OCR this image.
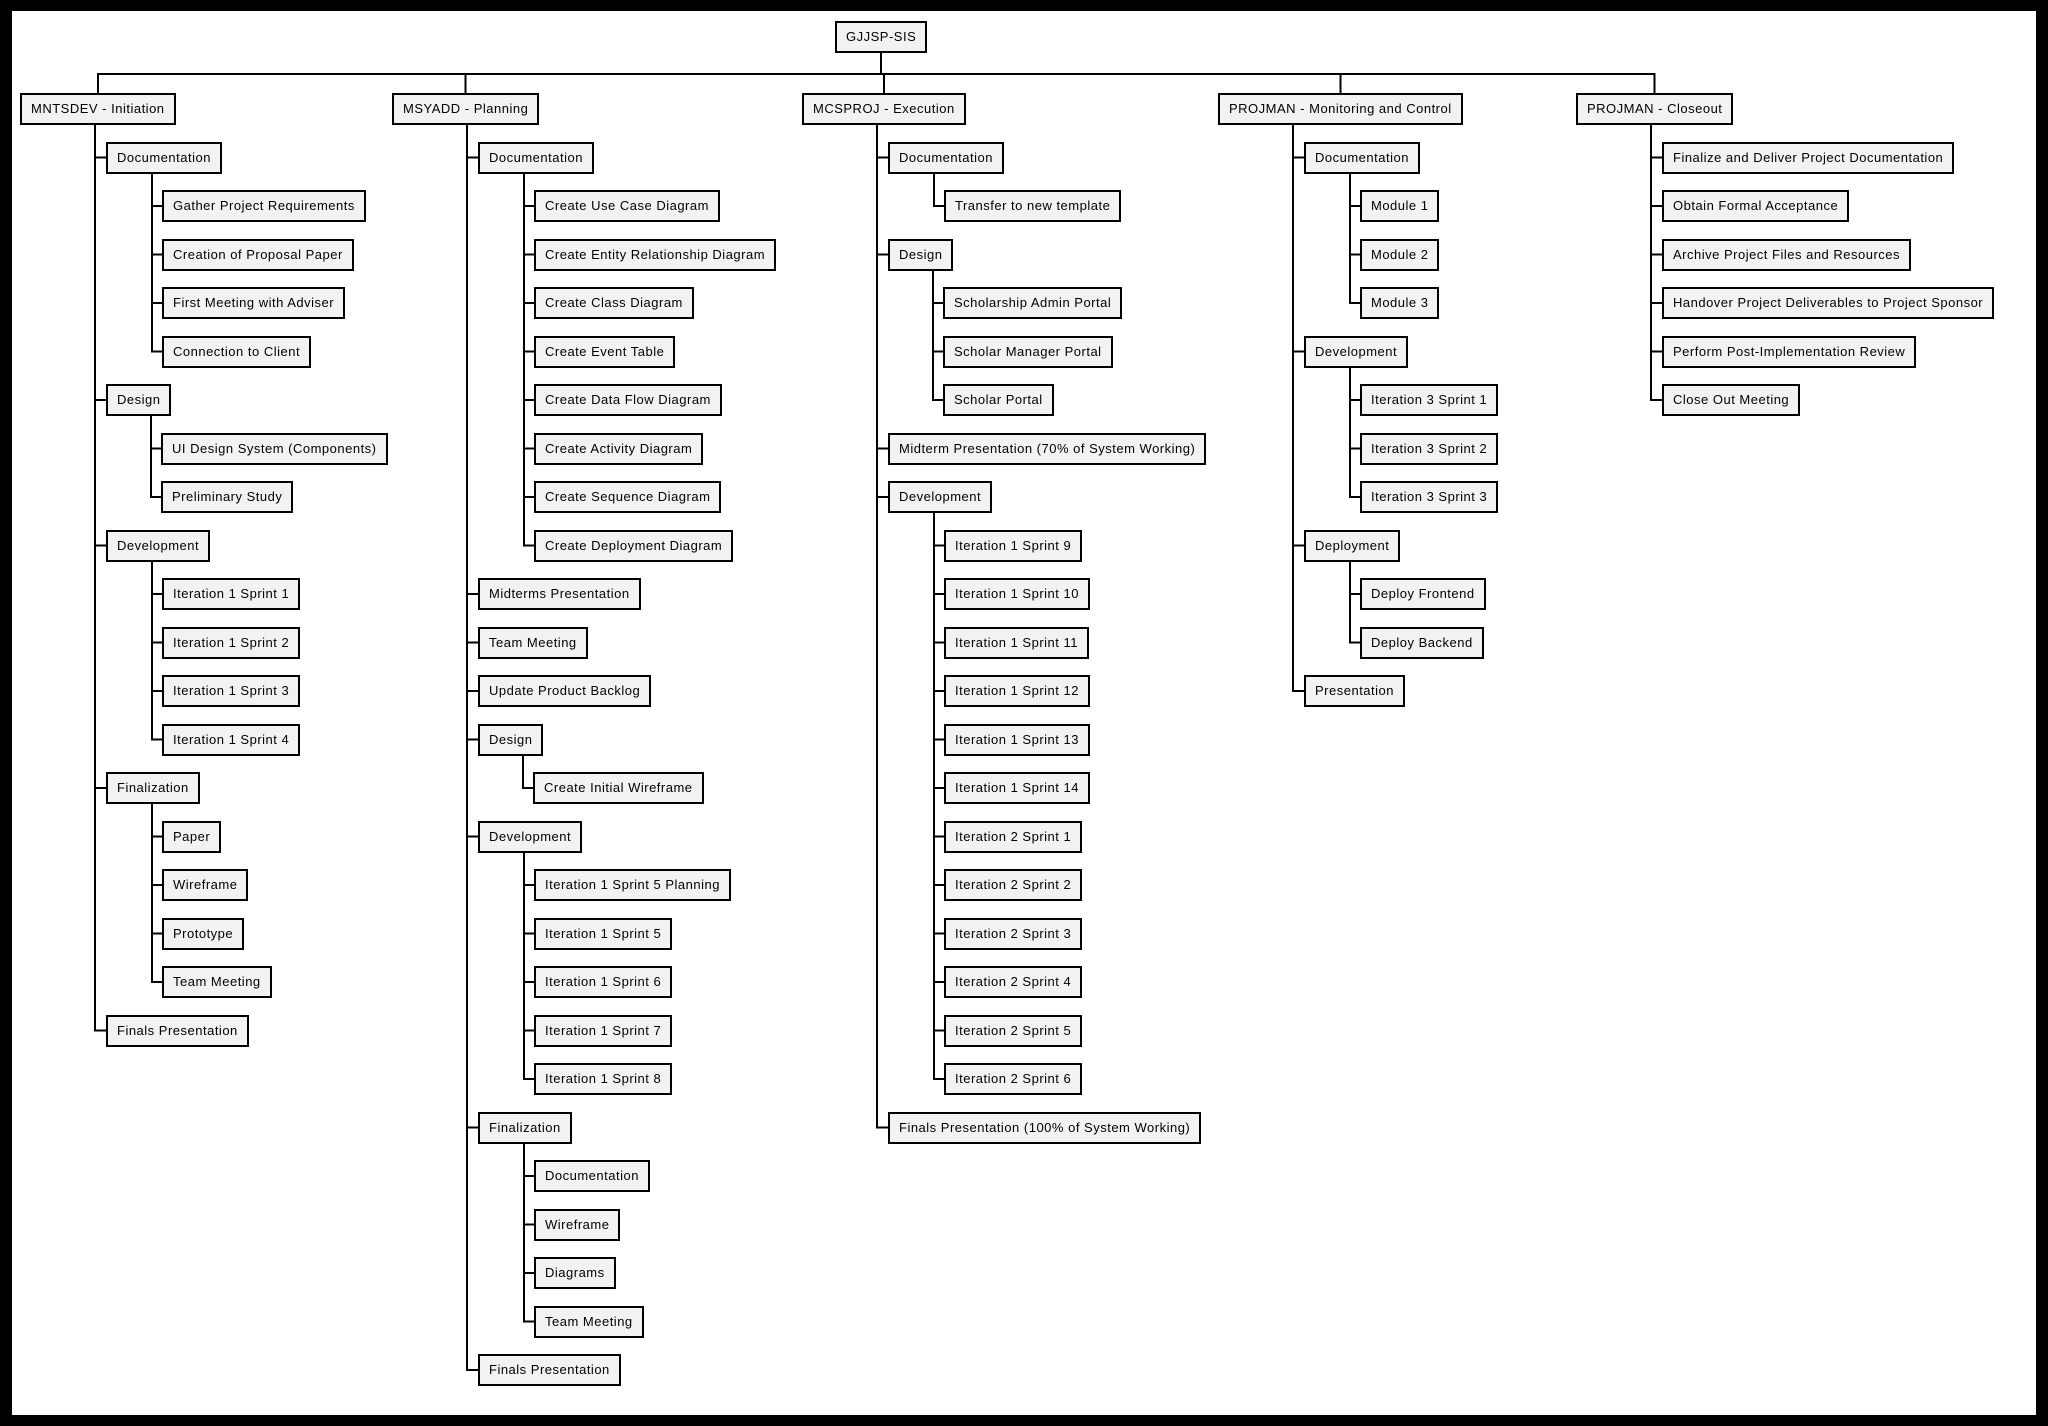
GJJSP-SIS
MNTSDEV - Initiation
Documentation
Gather Project Requirements
Creation of Proposal Paper
First Meeting with Adviser
Connection to Client
Design
UI Design System (Components)
Preliminary Study
Development
Iteration 1 Sprint 1
Iteration 1 Sprint 2
Iteration 1 Sprint 3
Iteration 1 Sprint 4
Finalization
Paper
Wireframe
Prototype
Team Meeting
Finals Presentation
MSYADD - Planning
Documentation
Create Use Case Diagram
Create Entity Relationship Diagram
Create Class Diagram
Create Event Table
Create Data Flow Diagram
Create Activity Diagram
Create Sequence Diagram
Create Deployment Diagram
Midterms Presentation
Team Meeting
Update Product Backlog
Design
Create Initial Wireframe
Development
Iteration 1 Sprint 5 Planning
Iteration 1 Sprint 5
Iteration 1 Sprint 6
Iteration 1 Sprint 7
Iteration 1 Sprint 8
Finalization
Documentation
Wireframe
Diagrams
Team Meeting
Finals Presentation
MCSPROJ - Execution
Documentation
Transfer to new template
Design
Scholarship Admin Portal
Scholar Manager Portal
Scholar Portal
Midterm Presentation (70% of System Working)
Development
Iteration 1 Sprint 9
Iteration 1 Sprint 10
Iteration 1 Sprint 11
Iteration 1 Sprint 12
Iteration 1 Sprint 13
Iteration 1 Sprint 14
Iteration 2 Sprint 1
Iteration 2 Sprint 2
Iteration 2 Sprint 3
Iteration 2 Sprint 4
Iteration 2 Sprint 5
Iteration 2 Sprint 6
Finals Presentation (100% of System Working)
PROJMAN - Monitoring and Control
Documentation
Module 1
Module 2
Module 3
Development
Iteration 3 Sprint 1
Iteration 3 Sprint 2
Iteration 3 Sprint 3
Deployment
Deploy Frontend
Deploy Backend
Presentation
PROJMAN - Closeout
Finalize and Deliver Project Documentation
Obtain Formal Acceptance
Archive Project Files and Resources
Handover Project Deliverables to Project Sponsor
Perform Post-Implementation Review
Close Out Meeting
